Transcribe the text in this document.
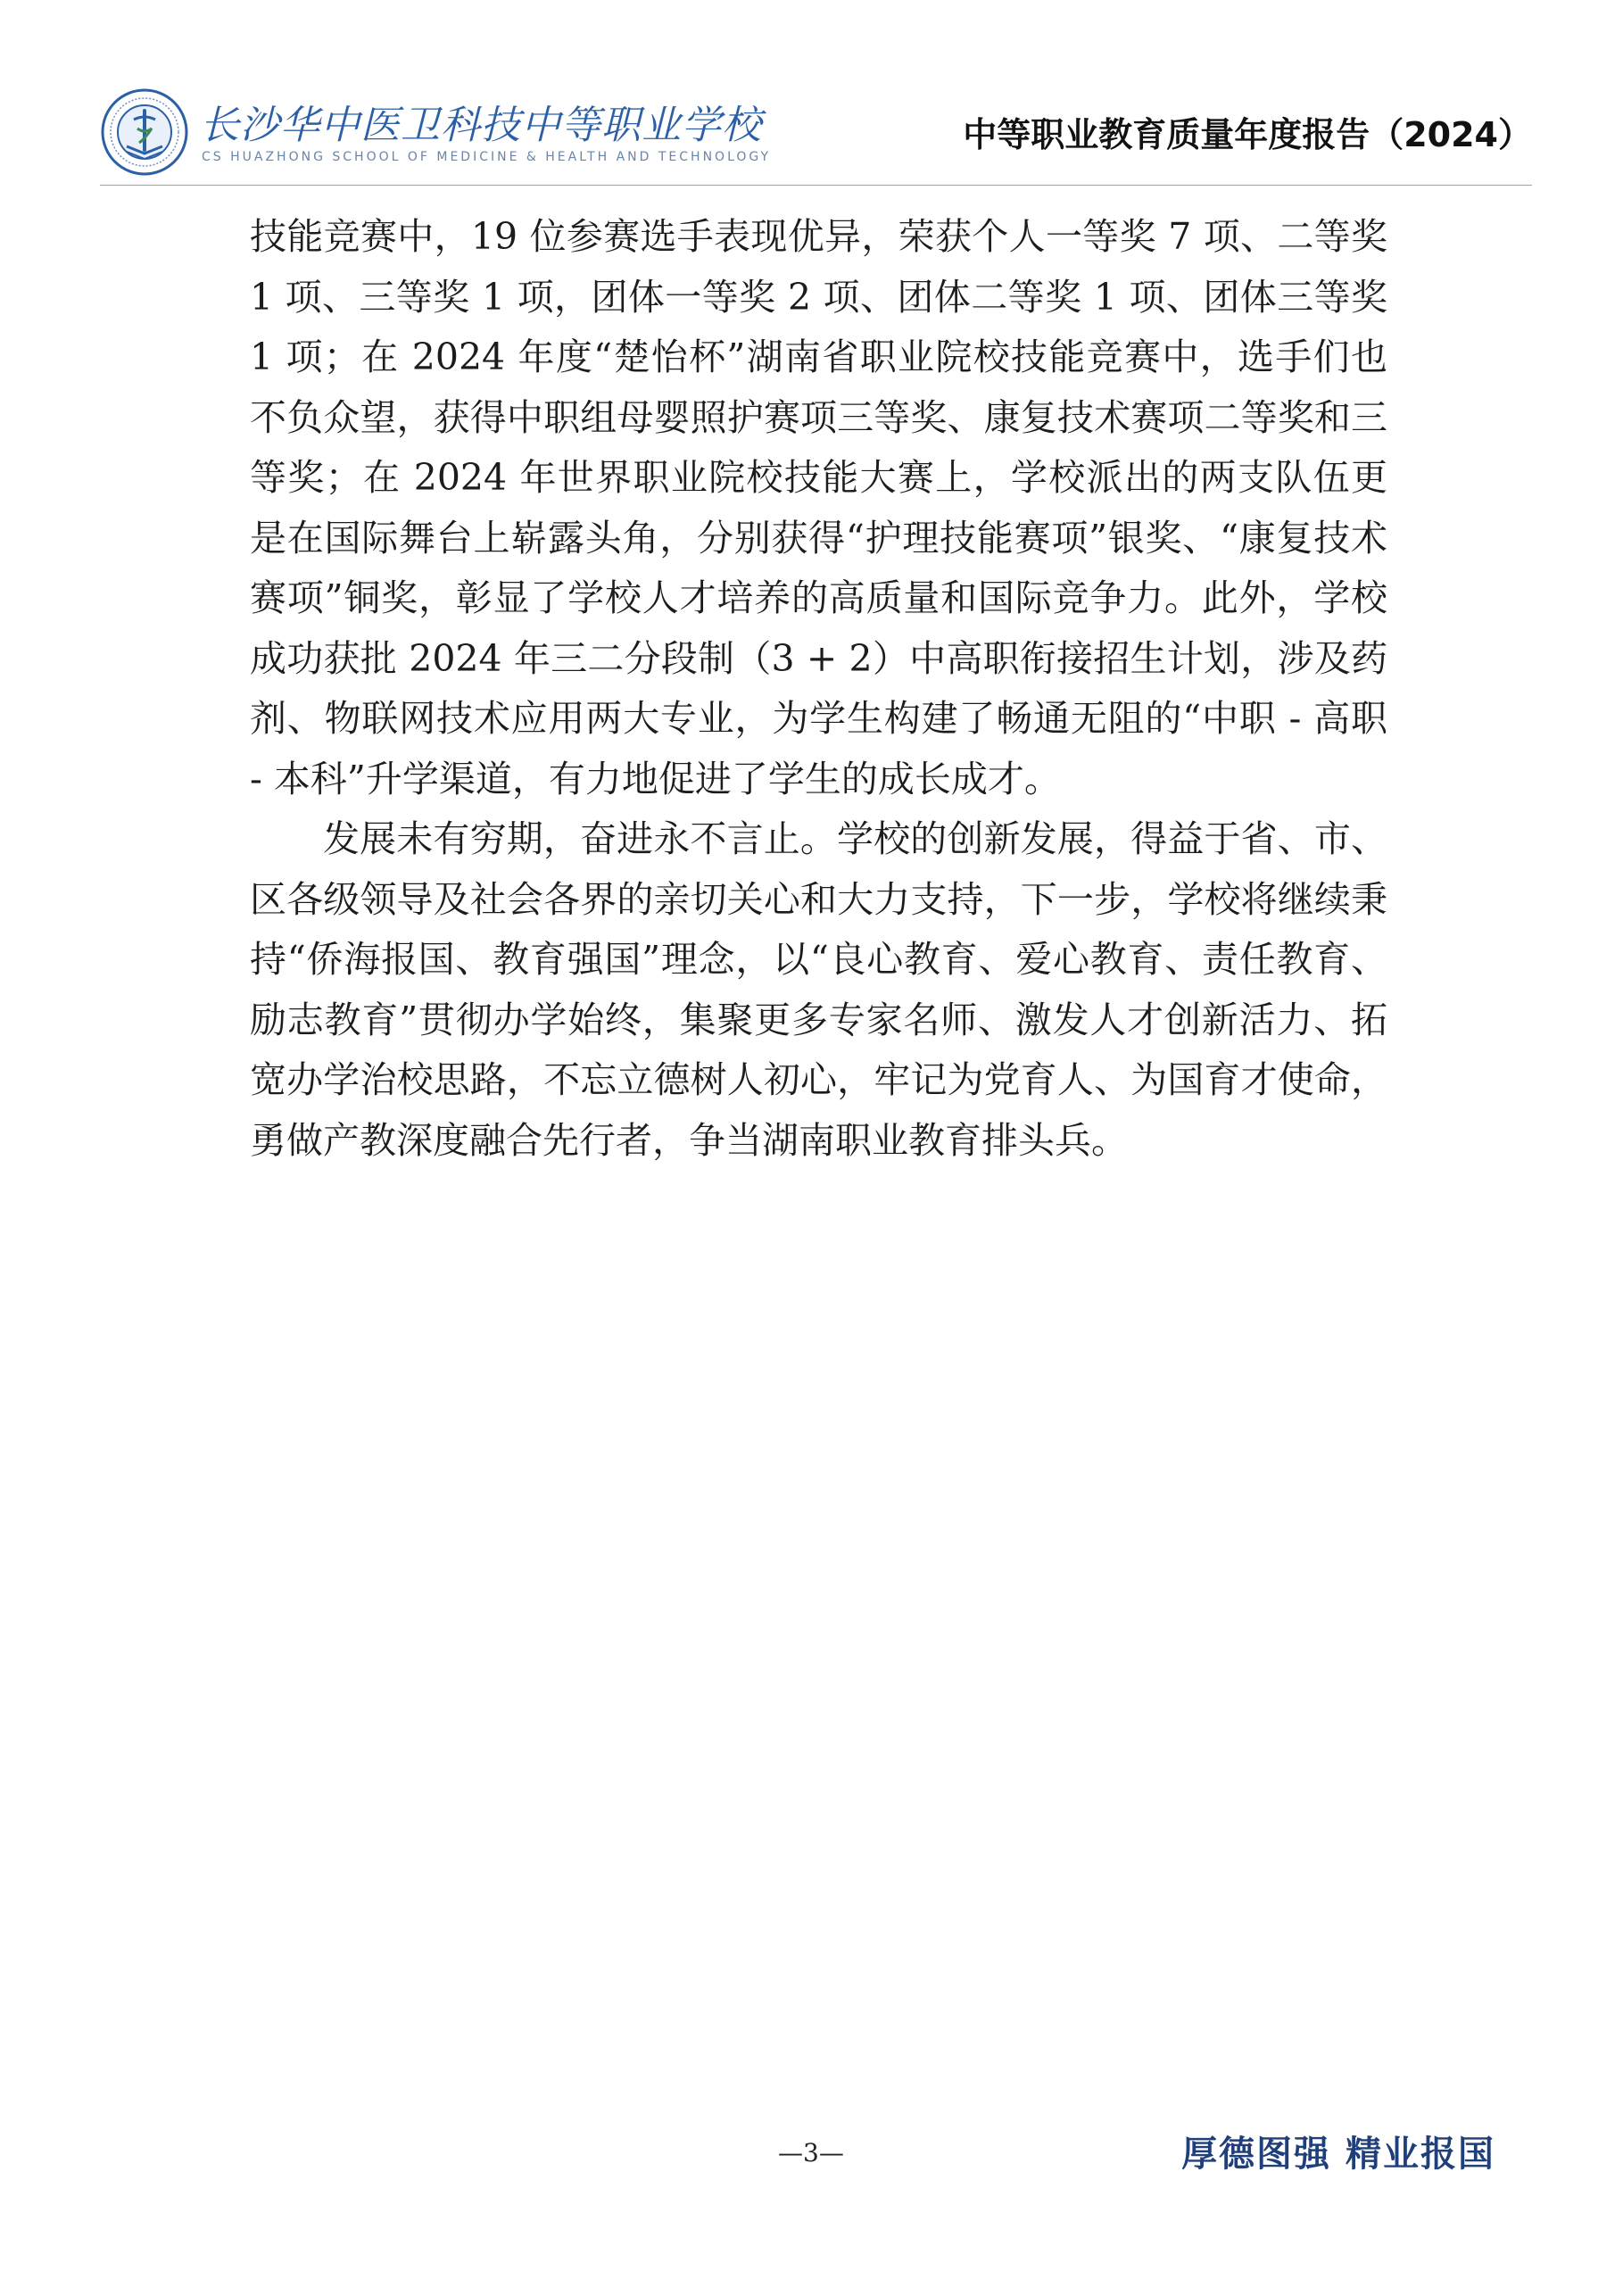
长沙华中医卫科技中等职业学校
CS HUAZHONG SCHOOL OF MEDICINE & HEALTH AND TECHNOLOGY
中等职业教育质量年度报告（2024）

技能竞赛中，19 位参赛选手表现优异，荣获个人一等奖 7 项、二等奖 1 项、三等奖 1 项，团体一等奖 2 项、团体二等奖 1 项、团体三等奖 1 项；在 2024 年度“楚怡杯”湖南省职业院校技能竞赛中，选手们也不负众望，获得中职组母婴照护赛项三等奖、康复技术赛项二等奖和三等奖；在 2024 年世界职业院校技能大赛上，学校派出的两支队伍更是在国际舞台上崭露头角，分别获得“护理技能赛项”银奖、“康复技术赛项”铜奖，彰显了学校人才培养的高质量和国际竞争力。此外，学校成功获批 2024 年三二分段制（3 + 2）中高职衔接招生计划，涉及药剂、物联网技术应用两大专业，为学生构建了畅通无阻的“中职 - 高职 - 本科”升学渠道，有力地促进了学生的成长成才。

发展未有穷期，奋进永不言止。学校的创新发展，得益于省、市、区各级领导及社会各界的亲切关心和大力支持，下一步，学校将继续秉持“侨海报国、教育强国”理念，以“良心教育、爱心教育、责任教育、励志教育”贯彻办学始终，集聚更多专家名师、激发人才创新活力、拓宽办学治校思路，不忘立德树人初心，牢记为党育人、为国育才使命，勇做产教深度融合先行者，争当湖南职业教育排头兵。

—3—	厚德图强 精业报国
